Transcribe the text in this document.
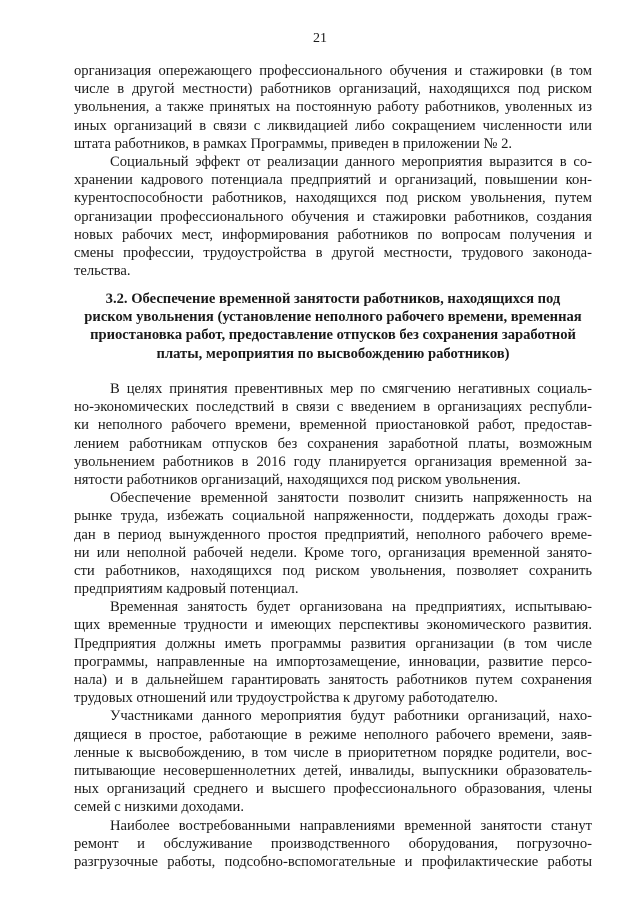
21
организация опережающего профессионального обучения и стажировки (в том
числе в другой местности) работников организаций, находящихся под риском
увольнения, а также принятых на постоянную работу работников, уволенных из
иных организаций в связи с ликвидацией либо сокращением численности или
штата работников, в рамках Программы, приведен в приложении № 2.
Социальный эффект от реализации данного мероприятия выразится в со-
хранении кадрового потенциала предприятий и организаций, повышении кон-
курентоспособности работников, находящихся под риском увольнения, путем
организации профессионального обучения и стажировки работников, создания
новых рабочих мест, информирования работников по вопросам получения и
смены профессии, трудоустройства в другой местности, трудового законода-
тельства.
3.2. Обеспечение временной занятости работников, находящихся под
риском увольнения (установление неполного рабочего времени, временная
приостановка работ, предоставление отпусков без сохранения заработной
платы, мероприятия по высвобождению работников)
В целях принятия превентивных мер по смягчению негативных социаль-
но-экономических последствий в связи с введением в организациях республи-
ки неполного рабочего времени, временной приостановкой работ, предостав-
лением работникам отпусков без сохранения заработной платы, возможным
увольнением работников в 2016 году планируется организация временной за-
нятости работников организаций, находящихся под риском увольнения.
Обеспечение временной занятости позволит снизить напряженность на
рынке труда, избежать социальной напряженности, поддержать доходы граж-
дан в период вынужденного простоя предприятий, неполного рабочего време-
ни или неполной рабочей недели. Кроме того, организация временной занято-
сти работников, находящихся под риском увольнения, позволяет сохранить
предприятиям кадровый потенциал.
Временная занятость будет организована на предприятиях, испытываю-
щих временные трудности и имеющих перспективы экономического развития.
Предприятия должны иметь программы развития организации (в том числе
программы, направленные на импортозамещение, инновации, развитие персо-
нала) и в дальнейшем гарантировать занятость работников путем сохранения
трудовых отношений или трудоустройства к другому работодателю.
Участниками данного мероприятия будут работники организаций, нахо-
дящиеся в простое, работающие в режиме неполного рабочего времени, заяв-
ленные к высвобождению, в том числе в приоритетном порядке родители, вос-
питывающие несовершеннолетних детей, инвалиды, выпускники образователь-
ных организаций среднего и высшего профессионального образования, члены
семей с низкими доходами.
Наиболее востребованными направлениями временной занятости станут
ремонт и обслуживание производственного оборудования, погрузочно-
разгрузочные работы, подсобно-вспомогательные и профилактические работы
